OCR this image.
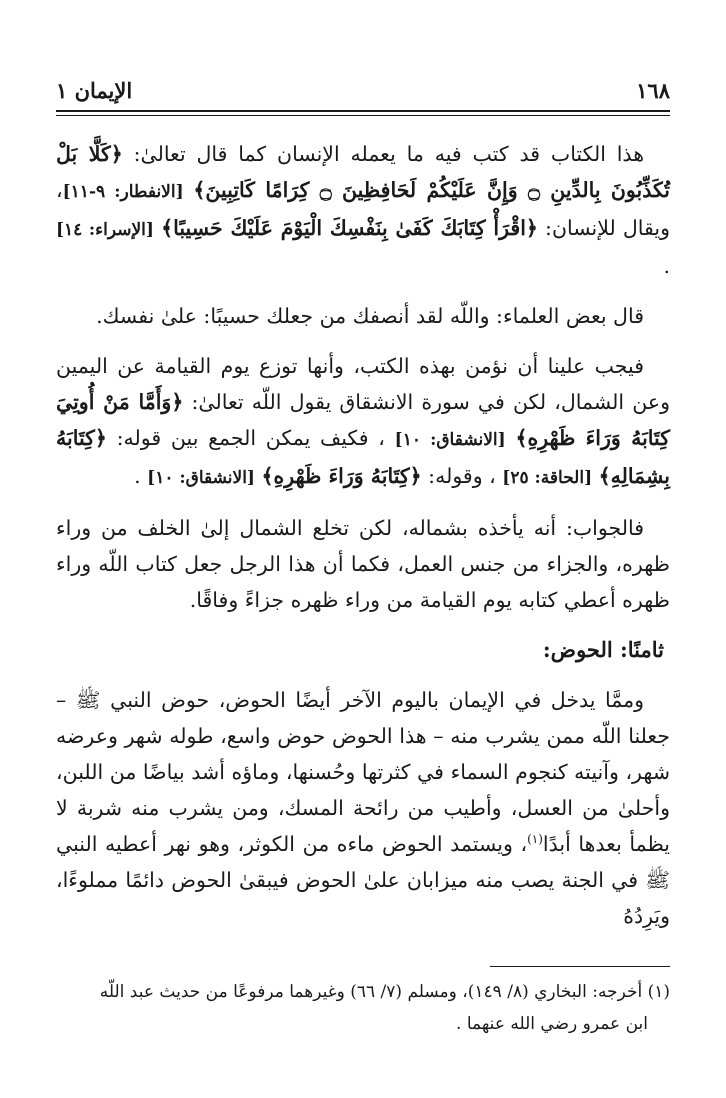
١٦٨
الإيمان ١

هذا الكتاب قد كتب فيه ما يعمله الإنسان كما قال تعالىٰ: ﴿كَلَّا بَلْ تُكَذِّبُونَ بِالدِّينِ ۝ وَإِنَّ عَلَيْكُمْ لَحَافِظِينَ ۝ كِرَامًا كَاتِبِينَ﴾ [الانفطار: ٩-١١]، ويقال للإنسان: ﴿اقْرَأْ كِتَابَكَ كَفَىٰ بِنَفْسِكَ الْيَوْمَ عَلَيْكَ حَسِيبًا﴾ [الإسراء: ١٤] .

قال بعض العلماء: واللّه لقد أنصفك من جعلك حسيبًا: علىٰ نفسك.

فيجب علينا أن نؤمن بهذه الكتب، وأنها توزع يوم القيامة عن اليمين وعن الشمال، لكن في سورة الانشقاق يقول اللّه تعالىٰ: ﴿وَأَمَّا مَنْ أُوتِيَ كِتَابَهُ وَرَاءَ ظَهْرِهِ﴾ [الانشقاق: ١٠] ، فكيف يمكن الجمع بين قوله: ﴿كِتَابَهُ بِشِمَالِهِ﴾ [الحاقة: ٢٥] ، وقوله: ﴿كِتَابَهُ وَرَاءَ ظَهْرِهِ﴾ [الانشقاق: ١٠] .

فالجواب: أنه يأخذه بشماله، لكن تخلع الشمال إلىٰ الخلف من وراء ظهره، والجزاء من جنس العمل، فكما أن هذا الرجل جعل كتاب اللّه وراء ظهره أعطي كتابه يوم القيامة من وراء ظهره جزاءً وفاقًا.

ثامنًا: الحوض:

وممَّا يدخل في الإيمان باليوم الآخر أيضًا الحوض، حوض النبي ﷺ – جعلنا اللّه ممن يشرب منه – هذا الحوض حوض واسع، طوله شهر وعرضه شهر، وآنيته كنجوم السماء في كثرتها وحُسنها، وماؤه أشد بياضًا من اللبن، وأحلىٰ من العسل، وأطيب من رائحة المسك، ومن يشرب منه شربة لا يظمأ بعدها أبدًا$^{(١)}$، ويستمد الحوض ماءه من الكوثر، وهو نهر أعطيه النبي ﷺ في الجنة يصب منه ميزابان علىٰ الحوض فيبقىٰ الحوض دائمًا مملوءًا، ويَرِدُهُ

(١) أخرجه: البخاري (٨/ ١٤٩)، ومسلم (٧/ ٦٦) وغيرهما مرفوعًا من حديث عبد اللّه
ابن عمرو رضي الله عنهما .
